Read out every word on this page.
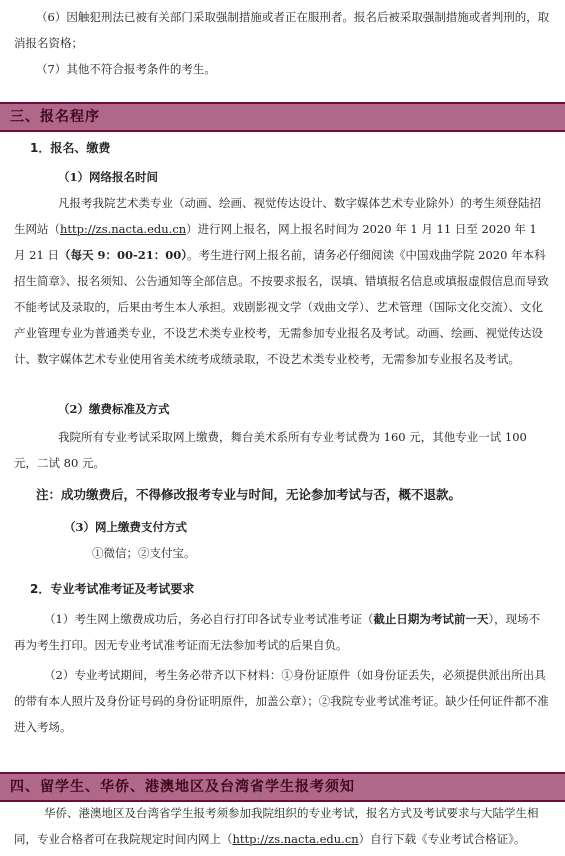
（6）因触犯刑法已被有关部门采取强制措施或者正在服刑者。报名后被采取强制措施或者判刑的，取消报名资格；
（7）其他不符合报考条件的考生。
三、报名程序
1．报名、缴费
（1）网络报名时间
凡报考我院艺术类专业（动画、绘画、视觉传达设计、数字媒体艺术专业除外）的考生须登陆招生网站（http://zs.nacta.edu.cn）进行网上报名，网上报名时间为 2020 年 1 月 11 日至 2020 年 1 月 21 日（每天 9：00-21：00）。考生进行网上报名前，请务必仔细阅读《中国戏曲学院 2020 年本科招生简章》、报名须知、公告通知等全部信息。不按要求报名，误填、错填报名信息或填报虚假信息而导致不能考试及录取的，后果由考生本人承担。戏剧影视文学（戏曲文学）、艺术管理（国际文化交流）、文化产业管理专业为普通类专业，不设艺术类专业校考，无需参加专业报名及考试。动画、绘画、视觉传达设计、数字媒体艺术专业使用省美术统考成绩录取，不设艺术类专业校考，无需参加专业报名及考试。
（2）缴费标准及方式
我院所有专业考试采取网上缴费，舞台美术系所有专业考试费为 160 元，其他专业一试 100 元，二试 80 元。
注：成功缴费后，不得修改报考专业与时间，无论参加考试与否，概不退款。
（3）网上缴费支付方式
①微信；②支付宝。
2．专业考试准考证及考试要求
（1）考生网上缴费成功后，务必自行打印各试专业考试准考证（截止日期为考试前一天），现场不再为考生打印。因无专业考试准考证而无法参加考试的后果自负。
（2）专业考试期间，考生务必带齐以下材料：①身份证原件（如身份证丢失，必须提供派出所出具的带有本人照片及身份证号码的身份证明原件，加盖公章）；②我院专业考试准考证。缺少任何证件都不准进入考场。
四、留学生、华侨、港澳地区及台湾省学生报考须知
华侨、港澳地区及台湾省学生报考须参加我院组织的专业考试，报名方式及考试要求与大陆学生相同，专业合格者可在我院规定时间内网上（http://zs.nacta.edu.cn）自行下载《专业考试合格证》。
